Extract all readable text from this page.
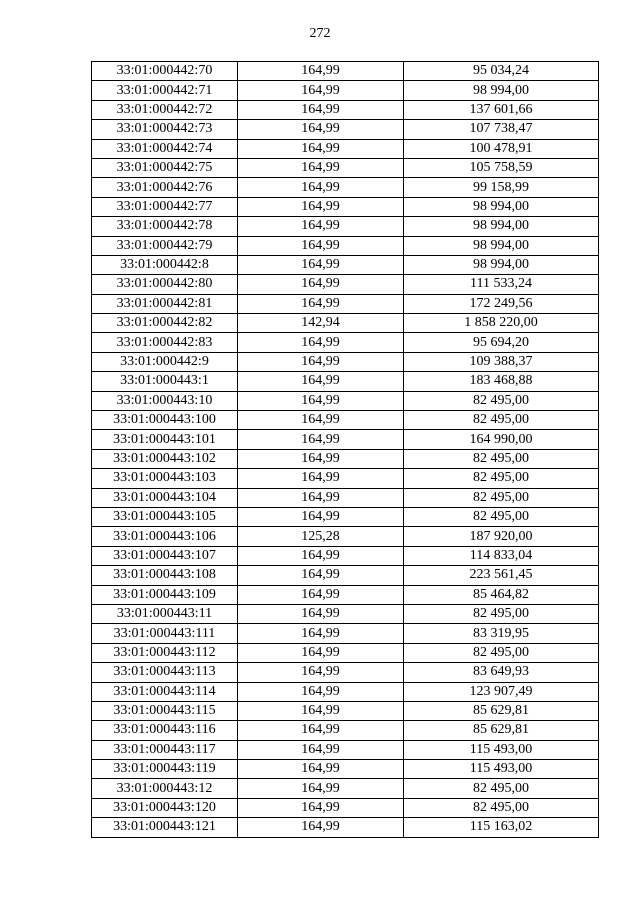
272
33:01:000442:70	164,99	95 034,24
33:01:000442:71	164,99	98 994,00
33:01:000442:72	164,99	137 601,66
33:01:000442:73	164,99	107 738,47
33:01:000442:74	164,99	100 478,91
33:01:000442:75	164,99	105 758,59
33:01:000442:76	164,99	99 158,99
33:01:000442:77	164,99	98 994,00
33:01:000442:78	164,99	98 994,00
33:01:000442:79	164,99	98 994,00
33:01:000442:8	164,99	98 994,00
33:01:000442:80	164,99	111 533,24
33:01:000442:81	164,99	172 249,56
33:01:000442:82	142,94	1 858 220,00
33:01:000442:83	164,99	95 694,20
33:01:000442:9	164,99	109 388,37
33:01:000443:1	164,99	183 468,88
33:01:000443:10	164,99	82 495,00
33:01:000443:100	164,99	82 495,00
33:01:000443:101	164,99	164 990,00
33:01:000443:102	164,99	82 495,00
33:01:000443:103	164,99	82 495,00
33:01:000443:104	164,99	82 495,00
33:01:000443:105	164,99	82 495,00
33:01:000443:106	125,28	187 920,00
33:01:000443:107	164,99	114 833,04
33:01:000443:108	164,99	223 561,45
33:01:000443:109	164,99	85 464,82
33:01:000443:11	164,99	82 495,00
33:01:000443:111	164,99	83 319,95
33:01:000443:112	164,99	82 495,00
33:01:000443:113	164,99	83 649,93
33:01:000443:114	164,99	123 907,49
33:01:000443:115	164,99	85 629,81
33:01:000443:116	164,99	85 629,81
33:01:000443:117	164,99	115 493,00
33:01:000443:119	164,99	115 493,00
33:01:000443:12	164,99	82 495,00
33:01:000443:120	164,99	82 495,00
33:01:000443:121	164,99	115 163,02
